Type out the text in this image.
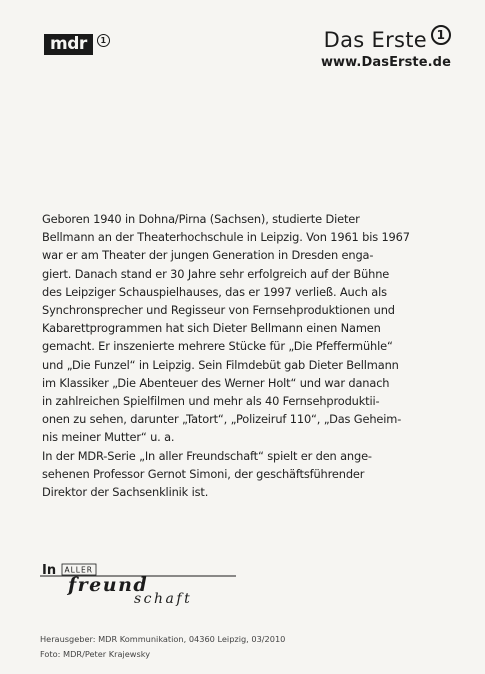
mdr	1	Das Erste 1
www.DasErste.de
Geboren 1940 in Dohna/Pirna (Sachsen), studierte Dieter
Bellmann an der Theaterhochschule in Leipzig. Von 1961 bis 1967
war er am Theater der jungen Generation in Dresden enga-
giert. Danach stand er 30 Jahre sehr erfolgreich auf der Bühne
des Leipziger Schauspielhauses, das er 1997 verließ. Auch als
Synchronsprecher und Regisseur von Fernsehproduktionen und
Kabarettprogrammen hat sich Dieter Bellmann einen Namen
gemacht. Er inszenierte mehrere Stücke für „Die Pfeffermühle“
und „Die Funzel“ in Leipzig. Sein Filmdebüt gab Dieter Bellmann
im Klassiker „Die Abenteuer des Werner Holt“ und war danach
in zahlreichen Spielfilmen und mehr als 40 Fernsehproduktii-
onen zu sehen, darunter „Tatort“, „Polizeiruf 110“, „Das Geheim-
nis meiner Mutter“ u. a.
In der MDR-Serie „In aller Freundschaft“ spielt er den ange-
sehenen Professor Gernot Simoni, der geschäftsführender
Direktor der Sachsenklinik ist.
In ALLER
freund
schaft
Herausgeber: MDR Kommunikation, 04360 Leipzig, 03/2010
Foto: MDR/Peter Krajewsky
